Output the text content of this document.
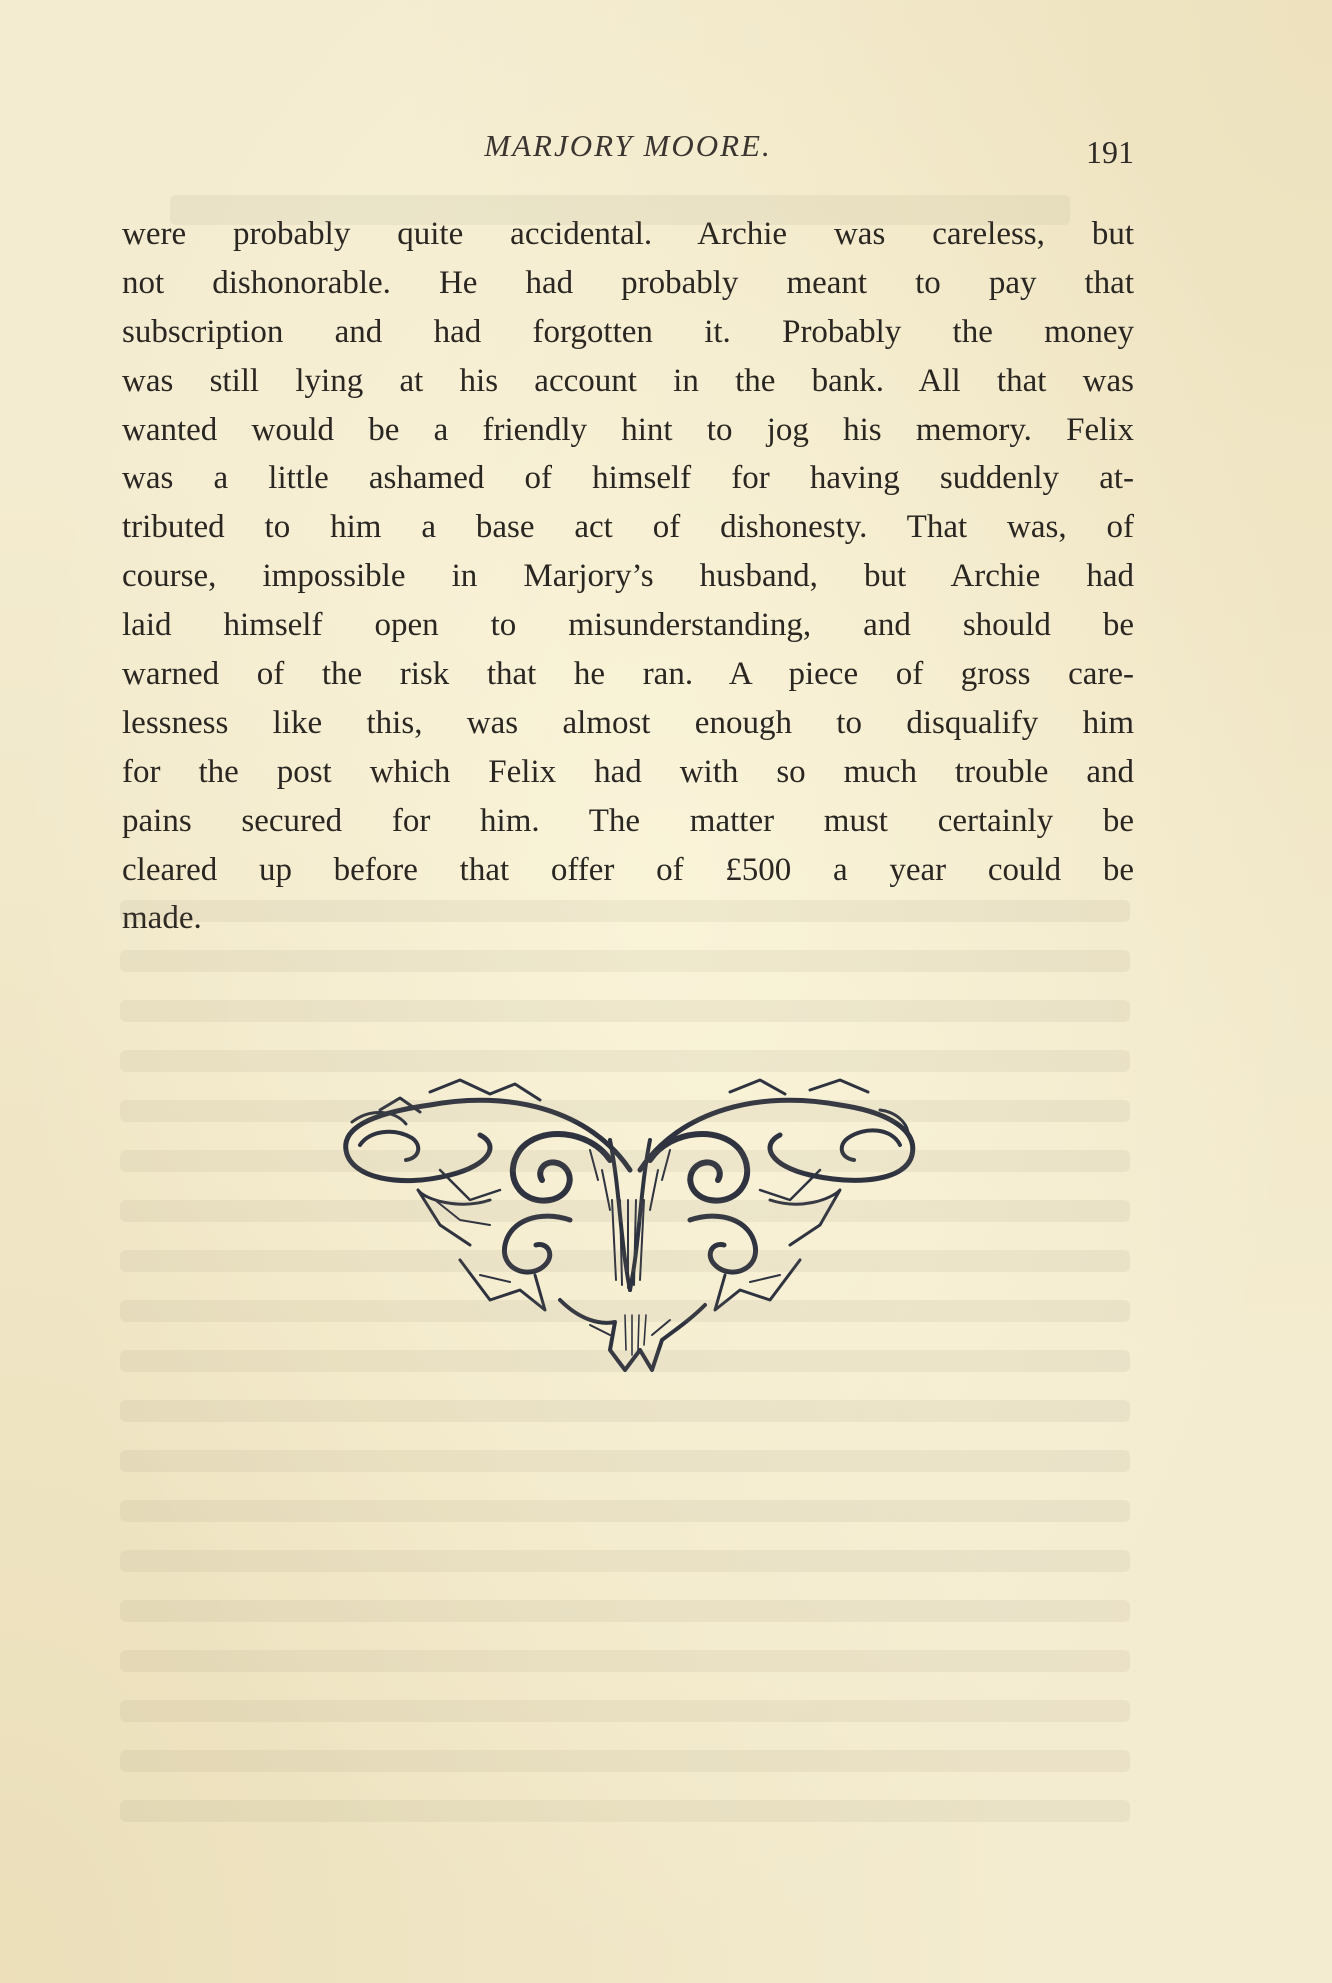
MARJORY MOORE.	191
were probably quite accidental. Archie was careless, but
not dishonorable. He had probably meant to pay that
subscription and had forgotten it. Probably the money
was still lying at his account in the bank. All that was
wanted would be a friendly hint to jog his memory. Felix
was a little ashamed of himself for having suddenly at-
tributed to him a base act of dishonesty. That was, of
course, impossible in Marjory’s husband, but Archie had
laid himself open to misunderstanding, and should be
warned of the risk that he ran. A piece of gross care-
lessness like this, was almost enough to disqualify him
for the post which Felix had with so much trouble and
pains secured for him. The matter must certainly be
cleared up before that offer of £500 a year could be
made.
